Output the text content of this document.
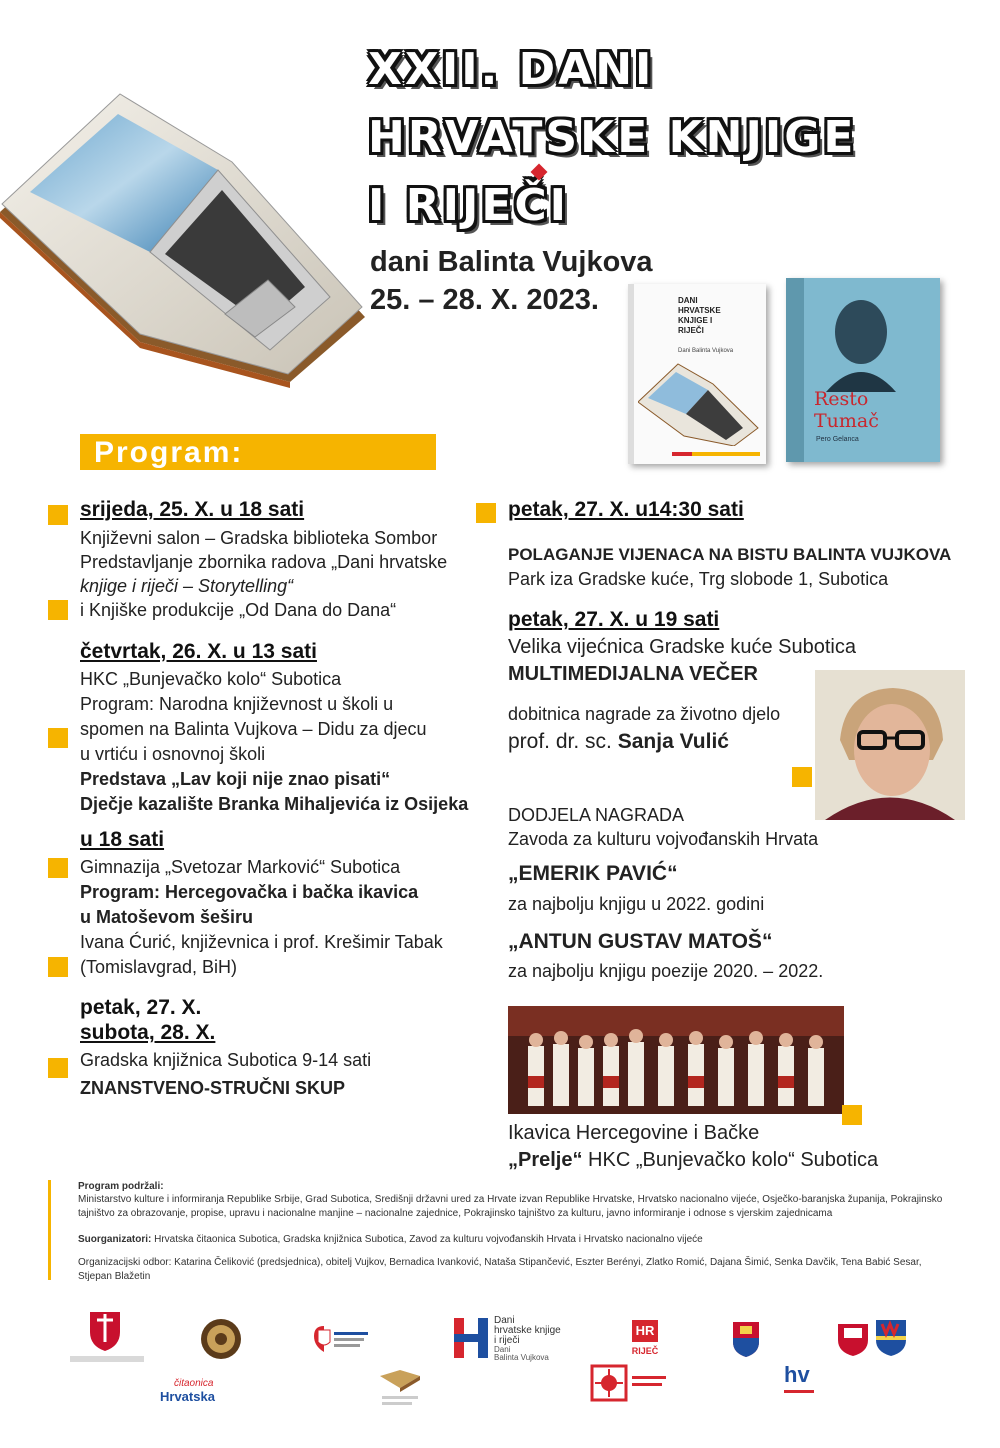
XXII. DANI
HRVATSKE KNJIGE
I RIJEČI
dani Balinta Vujkova
25. – 28. X. 2023.	DANI HRVATSKE KNJIGE I RIJEČI
Dani Balinta Vujkova
Resto Tumač
Pero Gelanca
Program:
srijeda, 25. X. u 18 sati
Književni salon – Gradska biblioteka Sombor
Predstavljanje zbornika radova „Dani hrvatske
knjige i riječi – Storytelling“
i Knjiške produkcije „Od Dana do Dana“
četvrtak, 26. X. u 13 sati
HKC „Bunjevačko kolo“ Subotica
Program: Narodna književnost u školi u
spomen na Balinta Vujkova – Didu za djecu
u vrtiću i osnovnoj školi
Predstava „Lav koji nije znao pisati“
Dječje kazalište Branka Mihaljevića iz Osijeka
u 18 sati
Gimnazija „Svetozar Marković“ Subotica
Program: Hercegovačka i bačka ikavica
u Matoševom šeširu
Ivana Ćurić, književnica i prof. Krešimir Tabak
(Tomislavgrad, BiH)
petak, 27. X.
subota, 28. X.
Gradska knjižnica Subotica 9-14 sati
ZNANSTVENO-STRUČNI SKUP
petak, 27. X. u14:30 sati
POLAGANJE VIJENACA NA BISTU BALINTA VUJKOVA
Park iza Gradske kuće, Trg slobode 1, Subotica
petak, 27. X. u 19 sati
Velika vijećnica Gradske kuće Subotica
MULTIMEDIJALNA VEČER
dobitnica nagrade za životno djelo
prof. dr. sc. Sanja Vulić
DODJELA NAGRADA
Zavoda za kulturu vojvođanskih Hrvata
„EMERIK PAVIĆ“
za najbolju knjigu u 2022. godini
„ANTUN GUSTAV MATOŠ“
za najbolju knjigu poezije 2020. – 2022.
Ikavica Hercegovine i Bačke
„Prelje“ HKC „Bunjevačko kolo“ Subotica
Program podržali:
Ministarstvo kulture i informiranja Republike Srbije, Grad Subotica, Središnji državni ured za Hrvate izvan Republike Hrvatske, Hrvatsko nacionalno vijeće, Osječko-baranjska županija, Pokrajinsko tajništvo za obrazovanje, propise, upravu i nacionalne manjine – nacionalne zajednice, Pokrajinsko tajništvo za kulturu, javno informiranje i odnose s vjerskim zajednicama
Suorganizatori: Hrvatska čitaonica Subotica, Gradska knjižnica Subotica, Zavod za kulturu vojvođanskih Hrvata i Hrvatsko nacionalno vijeće
Organizacijski odbor: Katarina Čeliković (predsjednica), obitelj Vujkov, Bernadica Ivanković, Nataša Stipančević, Eszter Berényi, Zlatko Romić, Dajana Šimić, Senka Davčik, Tena Babić Sesar, Stjepan Blažetin
Dani
hrvatske knjige
i riječi
Dani
Balinta Vujkova
HR
RIJEČ
čitaonica
Hrvatska
hv
